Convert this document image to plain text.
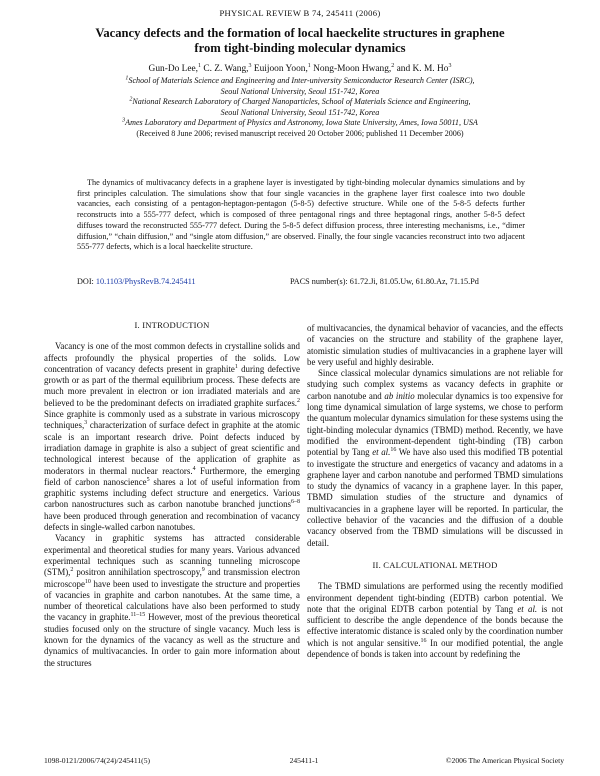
PHYSICAL REVIEW B 74, 245411 (2006)
Vacancy defects and the formation of local haeckelite structures in graphene
from tight-binding molecular dynamics
Gun-Do Lee,$^1$ C. Z. Wang,$^3$ Euijoon Yoon,$^1$ Nong-Moon Hwang,$^2$ and K. M. Ho$^3$
$^1$School of Materials Science and Engineering and Inter-university Semiconductor Research Center (ISRC),
Seoul National University, Seoul 151-742, Korea
$^2$National Research Laboratory of Charged Nanoparticles, School of Materials Science and Engineering,
Seoul National University, Seoul 151-742, Korea
$^3$Ames Laboratory and Department of Physics and Astronomy, Iowa State University, Ames, Iowa 50011, USA
(Received 8 June 2006; revised manuscript received 20 October 2006; published 11 December 2006)
The dynamics of multivacancy defects in a graphene layer is investigated by tight-binding molecular dynamics simulations and by first principles calculation. The simulations show that four single vacancies in the graphene layer first coalesce into two double vacancies, each consisting of a pentagon-heptagon-pentagon (5-8-5) defective structure. While one of the 5-8-5 defects further reconstructs into a 555-777 defect, which is composed of three pentagonal rings and three heptagonal rings, another 5-8-5 defect diffuses toward the reconstructed 555-777 defect. During the 5-8-5 defect diffusion process, three interesting mechanisms, i.e., “dimer diffusion,” “chain diffusion,” and “single atom diffusion,” are observed. Finally, the four single vacancies reconstruct into two adjacent 555-777 defects, which is a local haeckelite structure.
DOI: 10.1103/PhysRevB.74.245411	PACS number(s): 61.72.Ji, 81.05.Uw, 61.80.Az, 71.15.Pd
I. INTRODUCTION

Vacancy is one of the most common defects in crystalline solids and affects profoundly the physical properties of the solids. Low concentration of vacancy defects present in graphite$^1$ during defective growth or as part of the thermal equilibrium process. These defects are much more prevalent in electron or ion irradiated materials and are believed to be the predominant defects on irradiated graphite surfaces.$^2$ Since graphite is commonly used as a substrate in various microscopy techniques,$^3$ characterization of surface defect in graphite at the atomic scale is an important research drive. Point defects induced by irradiation damage in graphite is also a subject of great scientific and technological interest because of the application of graphite as moderators in thermal nuclear reactors.$^4$ Furthermore, the emerging field of carbon nanoscience$^5$ shares a lot of useful information from graphitic systems including defect structure and energetics. Various carbon nanostructures such as carbon nanotube branched junctions$^{6-8}$ have been produced through generation and recombination of vacancy defects in single-walled carbon nanotubes.

Vacancy in graphitic systems has attracted considerable experimental and theoretical studies for many years. Various advanced experimental techniques such as scanning tunneling microscope (STM),$^2$ positron annihilation spectroscopy,$^9$ and transmission electron microscope$^{10}$ have been used to investigate the structure and properties of vacancies in graphite and carbon nanotubes. At the same time, a number of theoretical calculations have also been performed to study the vacancy in graphite.$^{11-15}$ However, most of the previous theoretical studies focused only on the structure of single vacancy. Much less is known for the dynamics of the vacancy as well as the structure and dynamics of multivacancies. In order to gain more information about the structures

of multivacancies, the dynamical behavior of vacancies, and the effects of vacancies on the structure and stability of the graphene layer, atomistic simulation studies of multivacancies in a graphene layer will be very useful and highly desirable.

Since classical molecular dynamics simulations are not reliable for studying such complex systems as vacancy defects in graphite or carbon nanotube and ab initio molecular dynamics is too expensive for long time dynamical simulation of large systems, we chose to perform the quantum molecular dynamics simulation for these systems using the tight-binding molecular dynamics (TBMD) method. Recently, we have modified the environment-dependent tight-binding (TB) carbon potential by Tang et al.$^{16}$ We have also used this modified TB potential to investigate the structure and energetics of vacancy and adatoms in a graphene layer and carbon nanotube and performed TBMD simulations to study the dynamics of vacancy in a graphene layer. In this paper, TBMD simulation studies of the structure and dynamics of multivacancies in a graphene layer will be reported. In particular, the collective behavior of the vacancies and the diffusion of a double vacancy observed from the TBMD simulations will be discussed in detail.

II. CALCULATIONAL METHOD

The TBMD simulations are performed using the recently modified environment dependent tight-binding (EDTB) carbon potential. We note that the original EDTB carbon potential by Tang et al. is not sufficient to describe the angle dependence of the bonds because the effective interatomic distance is scaled only by the coordination number which is not angular sensitive.$^{16}$ In our modified potential, the angle dependence of bonds is taken into account by redefining the

1098-0121/2006/74(24)/245411(5)	245411-1	©2006 The American Physical Society
